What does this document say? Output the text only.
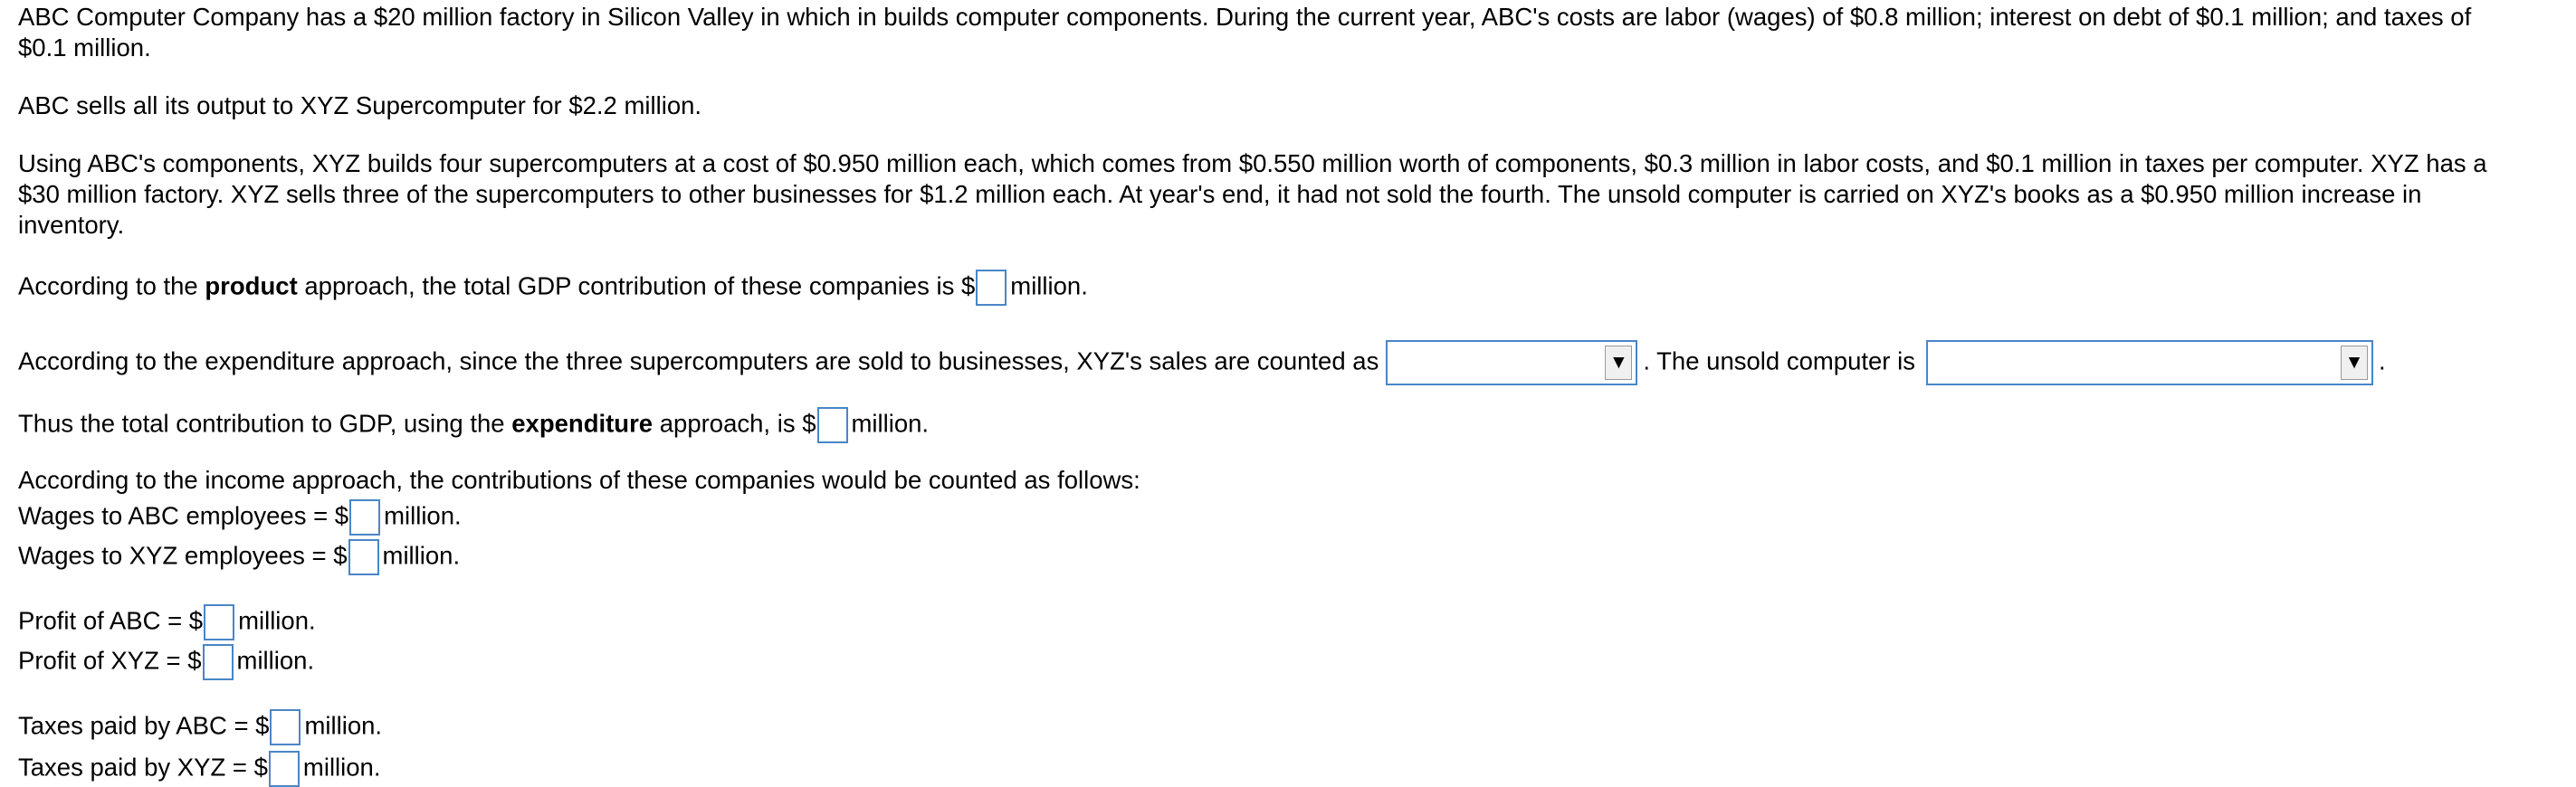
ABC Computer Company has a $20 million factory in Silicon Valley in which in builds computer components. During the current year, ABC's costs are labor (wages) of $0.8 million; interest on debt of $0.1 million; and taxes of
$0.1 million.
ABC sells all its output to XYZ Supercomputer for $2.2 million.
Using ABC's components, XYZ builds four supercomputers at a cost of $0.950 million each, which comes from $0.550 million worth of components, $0.3 million in labor costs, and $0.1 million in taxes per computer. XYZ has a
$30 million factory. XYZ sells three of the supercomputers to other businesses for $1.2 million each. At year's end, it had not sold the fourth. The unsold computer is carried on XYZ's books as a $0.950 million increase in
inventory.
According to the product approach, the total GDP contribution of these companies is $ million.
According to the expenditure approach, since the three supercomputers are sold to businesses, XYZ's sales are counted as	▼ . The unsold computer is	▼ .
Thus the total contribution to GDP, using the expenditure approach, is $ million.
According to the income approach, the contributions of these companies would be counted as follows:
Wages to ABC employees = $ million.
Wages to XYZ employees = $ million.
Profit of ABC = $ million.
Profit of XYZ = $ million.
Taxes paid by ABC = $ million.
Taxes paid by XYZ = $ million.
